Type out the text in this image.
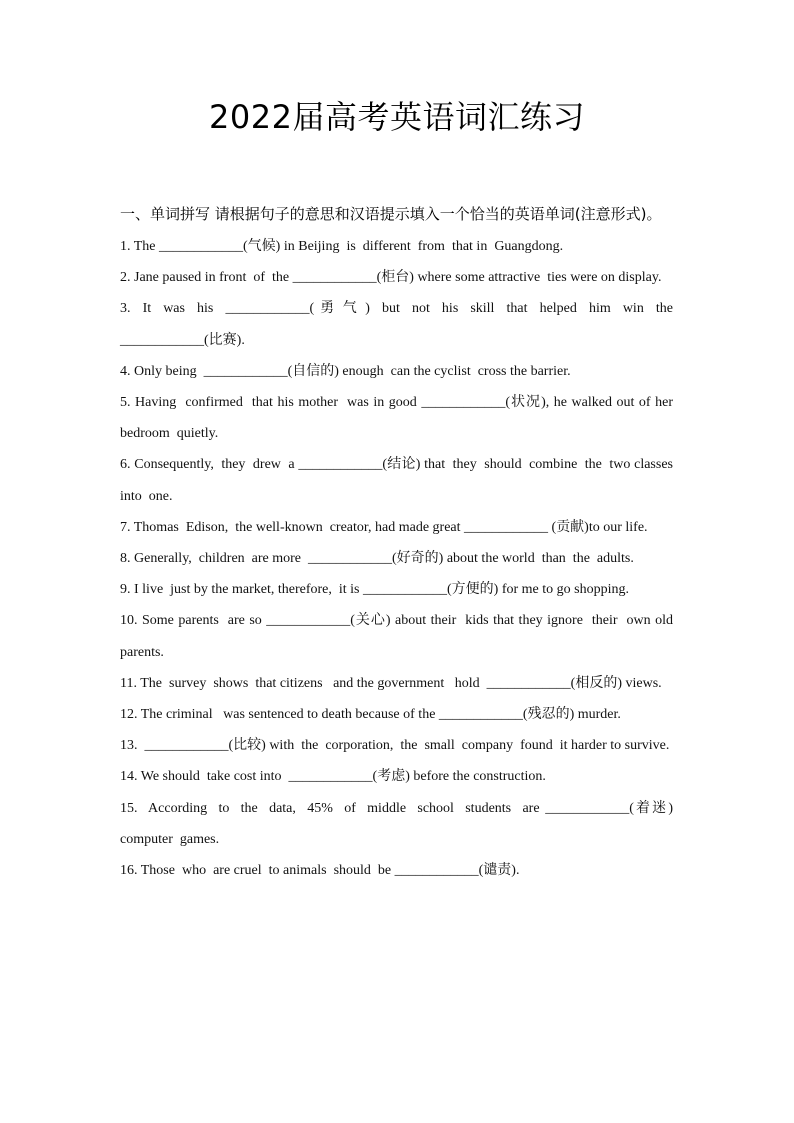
2022届高考英语词汇练习
一、单词拼写 请根据句子的意思和汉语提示填入一个恰当的英语单词(注意形式)。

1. The ____________(气候) in Beijing  is  different  from  that in  Guangdong.

2. Jane paused in front  of  the ____________(柜台) where some attractive  ties were on display.

3.  It  was  his  ____________( 勇 气 )  but  not  his  skill  that  helped  him  win  the ____________(比赛).

4. Only being  ____________(自信的) enough  can the cyclist  cross the barrier.

5. Having  confirmed  that his mother  was in good ____________(状况), he walked out of her bedroom  quietly.

6. Consequently,  they  drew  a ____________(结论) that  they  should  combine  the  two classes into  one.

7. Thomas  Edison,  the well-known  creator, had made great ____________ (贡献)to our life.

8. Generally,  children  are more  ____________(好奇的) about the world  than  the  adults.

9. I live  just by the market, therefore,  it is ____________(方便的) for me to go shopping.

10. Some parents  are so ____________(关心) about their  kids that they ignore  their  own old parents.

11. The  survey  shows  that citizens   and the government   hold  ____________(相反的) views.

12. The criminal   was sentenced to death because of the ____________(残忍的) murder.

13.  ____________(比较) with  the  corporation,  the  small  company  found  it harder to survive.

14. We should  take cost into  ____________(考虑) before the construction.

15.  According  to  the  data,  45%  of  middle  school  students  are ____________(着迷) computer  games.

16. Those  who  are cruel  to animals  should  be ____________(谴责).
